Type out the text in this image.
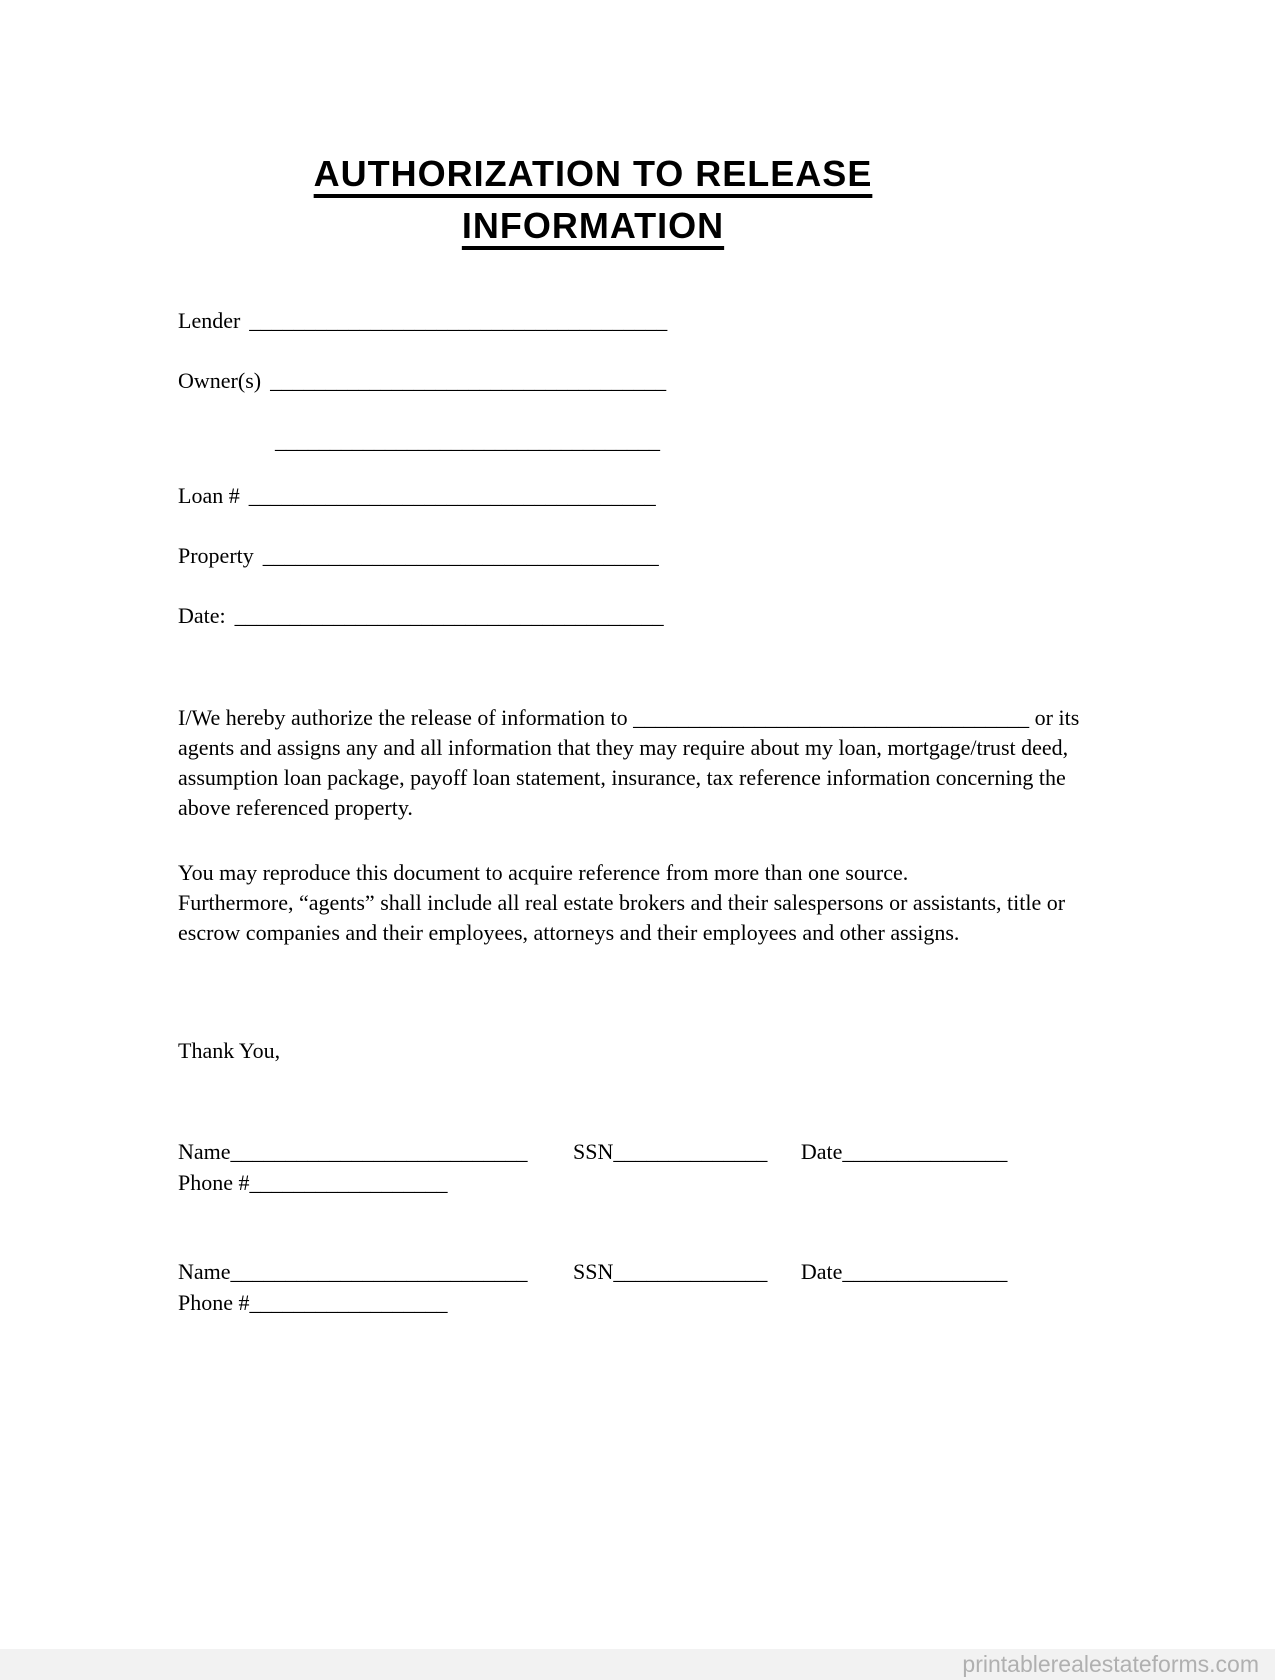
AUTHORIZATION TO RELEASE
INFORMATION
Lender ______________________________________
Owner(s) ____________________________________
___________________________________
Loan # _____________________________________
Property ____________________________________
Date: _______________________________________

I/We hereby authorize the release of information to ____________________________________ or its agents and assigns any and all information that they may require about my loan, mortgage/trust deed, assumption loan package, payoff loan statement, insurance, tax reference information concerning the above referenced property.

You may reproduce this document to acquire reference from more than one source.
Furthermore, “agents” shall include all real estate brokers and their salespersons or assistants, title or escrow companies and their employees, attorneys and their employees and other assigns.

Thank You,

Name___________________________ SSN______________ Date_______________
Phone #__________________
Name___________________________ SSN______________ Date_______________
Phone #__________________
printablerealestateforms.com
